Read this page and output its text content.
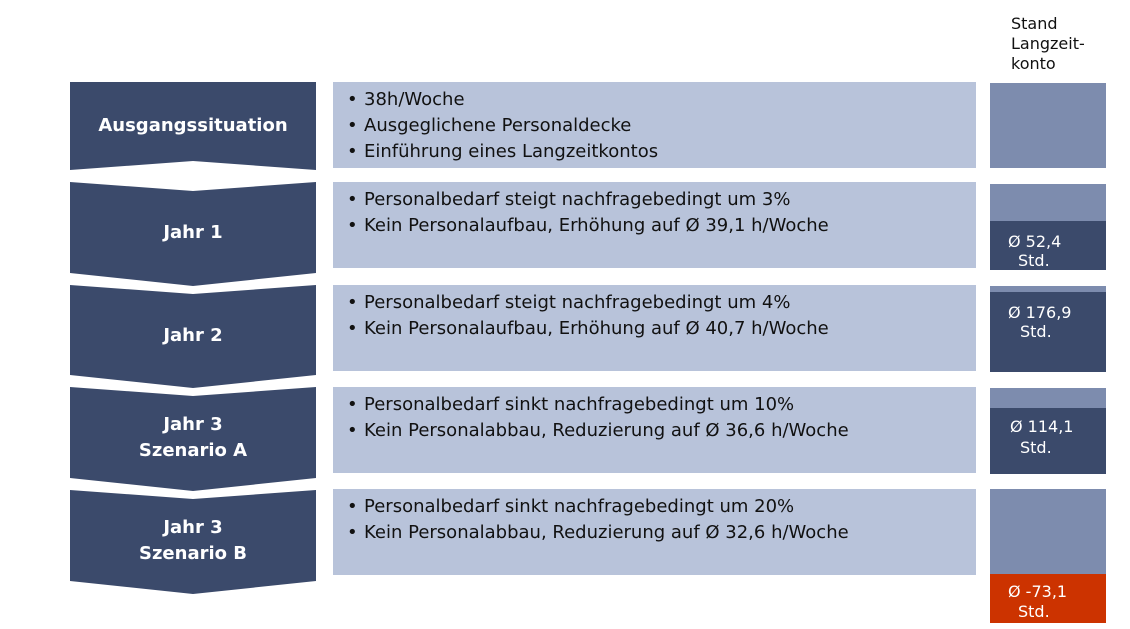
Stand
Langzeit-
konto
Ausgangssituation
Jahr 1
Jahr 2
Jahr 3
Szenario A
Jahr 3
Szenario B
• 38h/Woche
• Ausgeglichene Personaldecke
• Einführung eines Langzeitkontos
• Personalbedarf steigt nachfragebedingt um 3%
• Kein Personalaufbau, Erhöhung auf Ø 39,1 h/Woche
• Personalbedarf steigt nachfragebedingt um 4%
• Kein Personalaufbau, Erhöhung auf Ø 40,7 h/Woche
• Personalbedarf sinkt nachfragebedingt um 10%
• Kein Personalabbau, Reduzierung auf Ø 36,6 h/Woche
• Personalbedarf sinkt nachfragebedingt um 20%
• Kein Personalabbau, Reduzierung auf Ø 32,6 h/Woche
Ø 52,4
Std.
Ø 176,9
Std.
Ø 114,1
Std.
Ø -73,1
Std.
